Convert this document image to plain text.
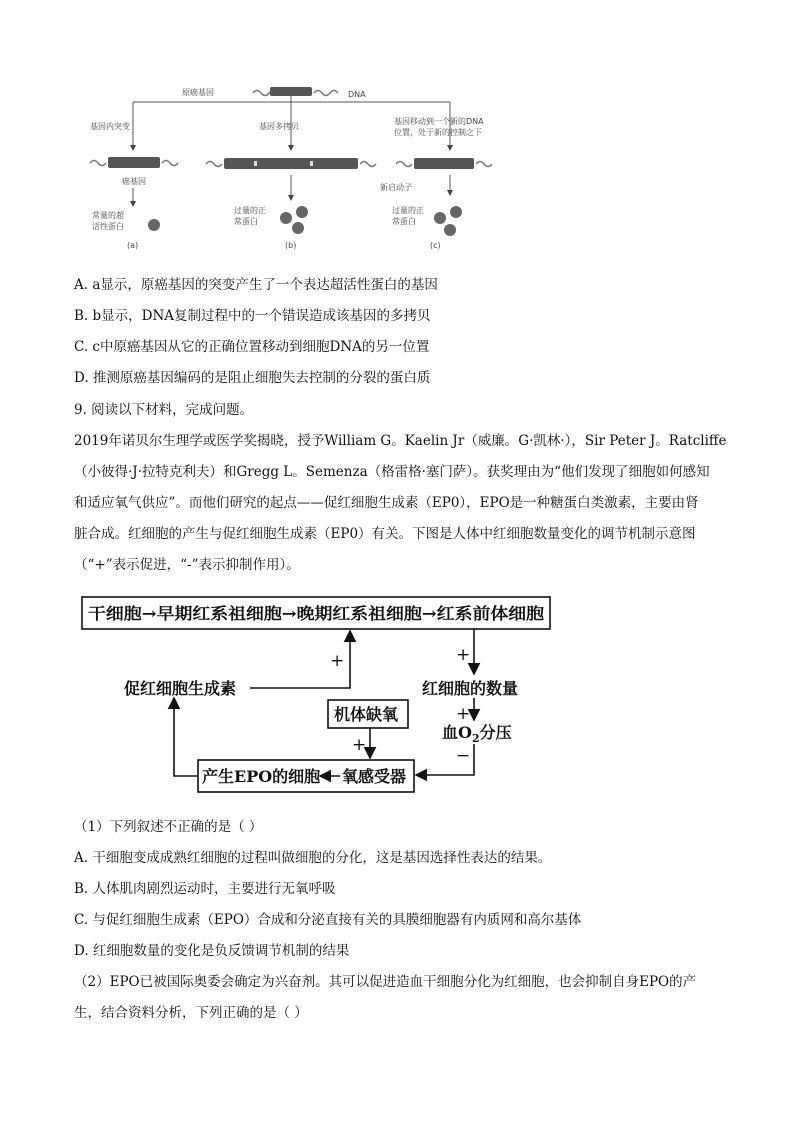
原癌基因	DNA
基因内突变	基因多拷贝
基因移动到一个新的DNA
位置，处于新的控制之下
癌基因
新启动子
常量的超
活性蛋白
过量的正
常蛋白
过量的正
常蛋白
(a)	(b)	(c)
A. a显示，原癌基因的突变产生了一个表达超活性蛋白的基因
B. b显示，DNA复制过程中的一个错误造成该基因的多拷贝
C. c中原癌基因从它的正确位置移动到细胞DNA的另一位置
D. 推测原癌基因编码的是阻止细胞失去控制的分裂的蛋白质
9. 阅读以下材料，完成问题。
2019年诺贝尔生理学或医学奖揭晓，授予William G。Kaelin Jr（威廉。G·凯林·），Sir Peter J。Ratcliffe
（小彼得·J·拉特克利夫）和Gregg L。Semenza（格雷格·塞门萨）。获奖理由为“他们发现了细胞如何感知
和适应氧气供应”。而他们研究的起点——促红细胞生成素（EP0），EPO是一种糖蛋白类激素，主要由肾
脏合成。红细胞的产生与促红细胞生成素（EP0）有关。下图是人体中红细胞数量变化的调节机制示意图
（“+”表示促进，“-”表示抑制作用）。
干细胞→早期红系祖细胞→晚期红系祖细胞→红系前体细胞
+
红细胞的数量
+
血$O_2$分压
−
产生EPO的细胞 氧感受器
机体缺氧
+
促红细胞生成素
+
（1）下列叙述不正确的是（ ）
A. 干细胞变成成熟红细胞的过程叫做细胞的分化，这是基因选择性表达的结果。
B. 人体肌肉剧烈运动时，主要进行无氧呼吸
C. 与促红细胞生成素（EPO）合成和分泌直接有关的具膜细胞器有内质网和高尔基体
D. 红细胞数量的变化是负反馈调节机制的结果
（2）EPO已被国际奥委会确定为兴奋剂。其可以促进造血干细胞分化为红细胞，也会抑制自身EPO的产
生，结合资料分析，下列正确的是（ ）
